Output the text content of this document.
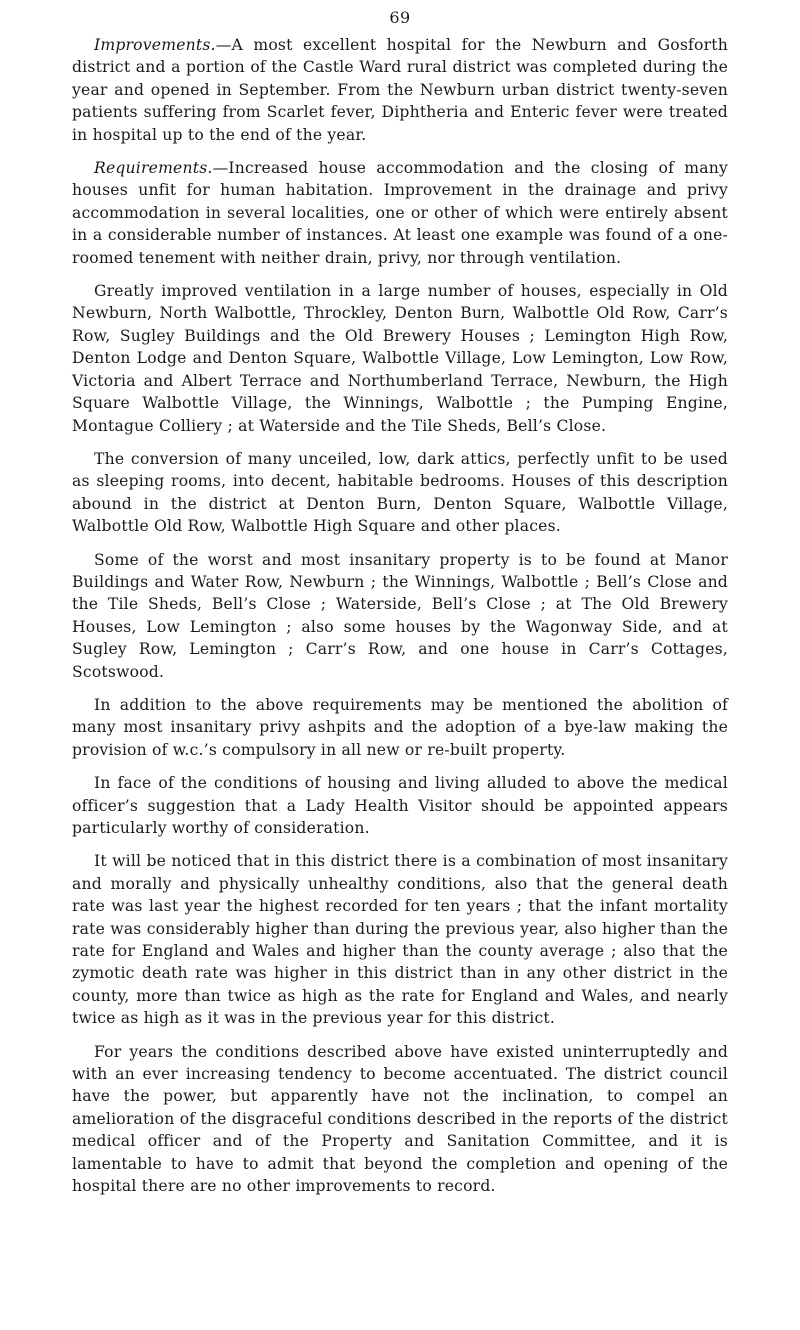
69

Improvements.—A most excellent hospital for the Newburn and Gosforth district and a portion of the Castle Ward rural district was completed during the year and opened in September. From the Newburn urban district twenty-seven patients suffering from Scarlet fever, Diphtheria and Enteric fever were treated in hospital up to the end of the year.

Requirements.—Increased house accommodation and the closing of many houses unfit for human habitation. Improvement in the drainage and privy accommodation in several localities, one or other of which were entirely absent in a considerable number of instances. At least one example was found of a one-roomed tenement with neither drain, privy, nor through ventilation.

Greatly improved ventilation in a large number of houses, especially in Old Newburn, North Walbottle, Throckley, Denton Burn, Walbottle Old Row, Carr’s Row, Sugley Buildings and the Old Brewery Houses ; Lemington High Row, Denton Lodge and Denton Square, Walbottle Village, Low Lemington, Low Row, Victoria and Albert Terrace and Northumberland Terrace, Newburn, the High Square Walbottle Village, the Winnings, Walbottle ; the Pumping Engine, Montague Colliery ; at Waterside and the Tile Sheds, Bell’s Close.

The conversion of many unceiled, low, dark attics, perfectly unfit to be used as sleeping rooms, into decent, habitable bedrooms. Houses of this description abound in the district at Denton Burn, Denton Square, Walbottle Village, Walbottle Old Row, Walbottle High Square and other places.

Some of the worst and most insanitary property is to be found at Manor Buildings and Water Row, Newburn ; the Winnings, Walbottle ; Bell’s Close and the Tile Sheds, Bell’s Close ; Waterside, Bell’s Close ; at The Old Brewery Houses, Low Lemington ; also some houses by the Wagonway Side, and at Sugley Row, Lemington ; Carr’s Row, and one house in Carr’s Cottages, Scotswood.

In addition to the above requirements may be mentioned the abolition of many most insanitary privy ashpits and the adoption of a bye-law making the provision of w.c.’s compulsory in all new or re-built property.

In face of the conditions of housing and living alluded to above the medical officer’s suggestion that a Lady Health Visitor should be appointed appears particularly worthy of consideration.

It will be noticed that in this district there is a combination of most insanitary and morally and physically unhealthy conditions, also that the general death rate was last year the highest recorded for ten years ; that the infant mortality rate was considerably higher than during the previous year, also higher than the rate for England and Wales and higher than the county average ; also that the zymotic death rate was higher in this district than in any other district in the county, more than twice as high as the rate for England and Wales, and nearly twice as high as it was in the previous year for this district.

For years the conditions described above have existed uninterruptedly and with an ever increasing tendency to become accentuated. The district council have the power, but apparently have not the inclination, to compel an amelioration of the disgraceful conditions described in the reports of the district medical officer and of the Property and Sanitation Committee, and it is lamentable to have to admit that beyond the completion and opening of the hospital there are no other improvements to record.
